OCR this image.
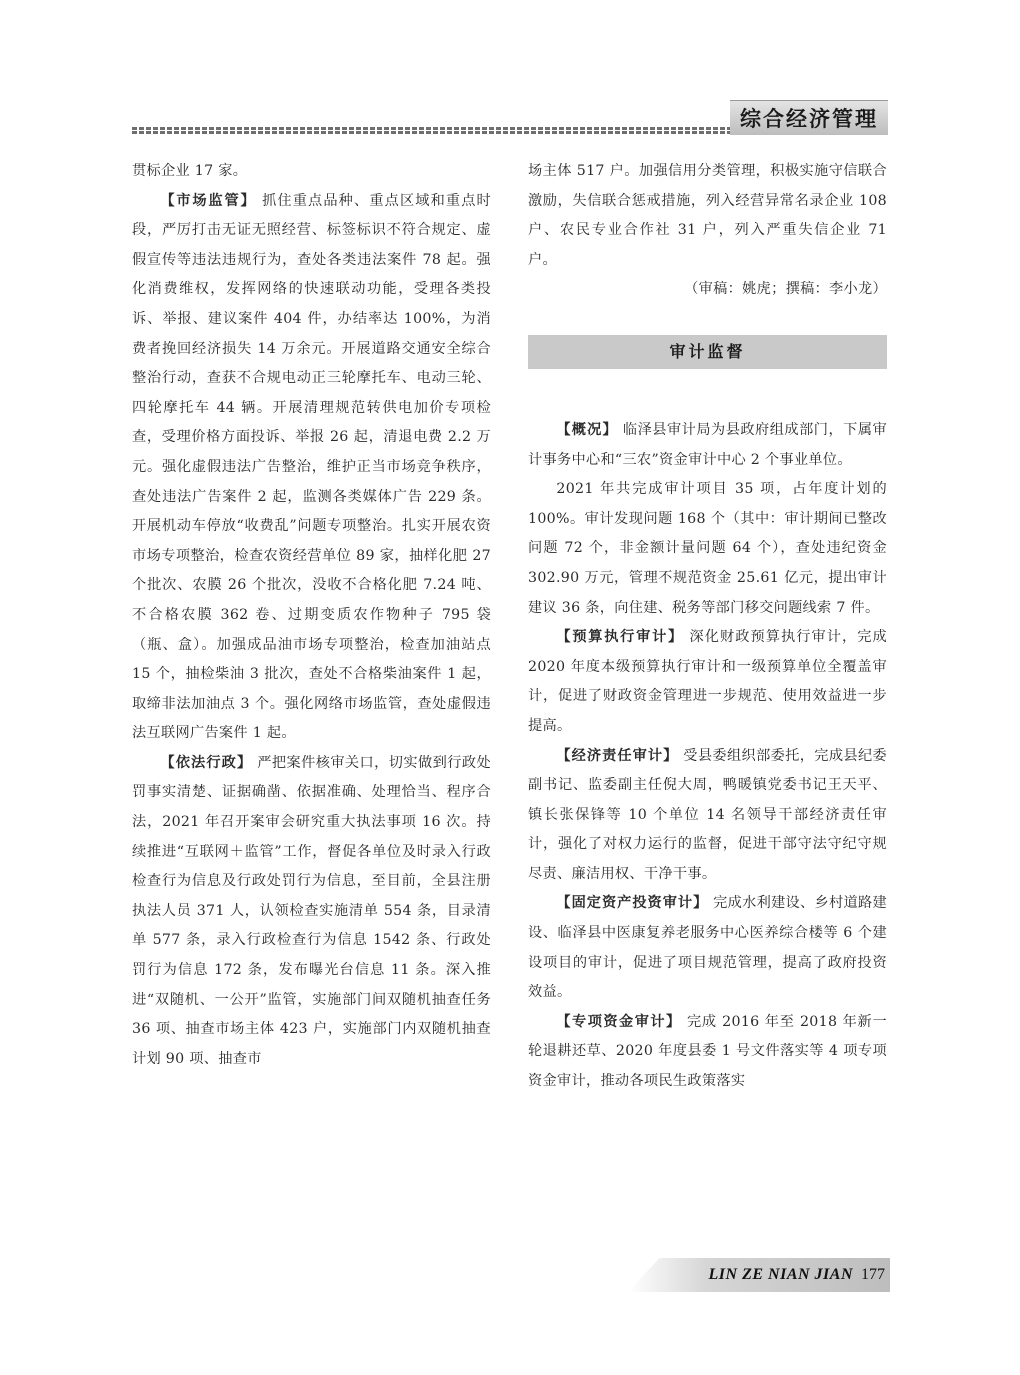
综合经济管理

贯标企业 17 家。

【市场监管】 抓住重点品种、重点区域和重点时段，严厉打击无证无照经营、标签标识不符合规定、虚假宣传等违法违规行为，查处各类违法案件 78 起。强化消费维权，发挥网络的快速联动功能，受理各类投诉、举报、建议案件 404 件，办结率达 100%，为消费者挽回经济损失 14 万余元。开展道路交通安全综合整治行动，查获不合规电动正三轮摩托车、电动三轮、四轮摩托车 44 辆。开展清理规范转供电加价专项检查，受理价格方面投诉、举报 26 起，清退电费 2.2 万元。强化虚假违法广告整治，维护正当市场竞争秩序，查处违法广告案件 2 起，监测各类媒体广告 229 条。开展机动车停放“收费乱”问题专项整治。扎实开展农资市场专项整治，检查农资经营单位 89 家，抽样化肥 27 个批次、农膜 26 个批次，没收不合格化肥 7.24 吨、不合格农膜 362 卷、过期变质农作物种子 795 袋（瓶、盒）。加强成品油市场专项整治，检查加油站点 15 个，抽检柴油 3 批次，查处不合格柴油案件 1 起，取缔非法加油点 3 个。强化网络市场监管，查处虚假违法互联网广告案件 1 起。

【依法行政】 严把案件核审关口，切实做到行政处罚事实清楚、证据确凿、依据准确、处理恰当、程序合法，2021 年召开案审会研究重大执法事项 16 次。持续推进“互联网＋监管”工作，督促各单位及时录入行政检查行为信息及行政处罚行为信息，至目前，全县注册执法人员 371 人，认领检查实施清单 554 条，目录清单 577 条，录入行政检查行为信息 1542 条、行政处罚行为信息 172 条，发布曝光台信息 11 条。深入推进“双随机、一公开”监管，实施部门间双随机抽查任务 36 项、抽查市场主体 423 户，实施部门内双随机抽查计划 90 项、抽查市

场主体 517 户。加强信用分类管理，积极实施守信联合激励，失信联合惩戒措施，列入经营异常名录企业 108 户、农民专业合作社 31 户，列入严重失信企业 71 户。

（审稿：姚虎；撰稿：李小龙）

审计监督

【概况】 临泽县审计局为县政府组成部门，下属审计事务中心和“三农”资金审计中心 2 个事业单位。

2021 年共完成审计项目 35 项，占年度计划的 100%。审计发现问题 168 个（其中：审计期间已整改问题 72 个，非金额计量问题 64 个），查处违纪资金 302.90 万元，管理不规范资金 25.61 亿元，提出审计建议 36 条，向住建、税务等部门移交问题线索 7 件。

【预算执行审计】 深化财政预算执行审计，完成 2020 年度本级预算执行审计和一级预算单位全覆盖审计，促进了财政资金管理进一步规范、使用效益进一步提高。

【经济责任审计】 受县委组织部委托，完成县纪委副书记、监委副主任倪大周，鸭暖镇党委书记王天平、镇长张保锋等 10 个单位 14 名领导干部经济责任审计，强化了对权力运行的监督，促进干部守法守纪守规尽责、廉洁用权、干净干事。

【固定资产投资审计】 完成水利建设、乡村道路建设、临泽县中医康复养老服务中心医养综合楼等 6 个建设项目的审计，促进了项目规范管理，提高了政府投资效益。

【专项资金审计】 完成 2016 年至 2018 年新一轮退耕还草、2020 年度县委 1 号文件落实等 4 项专项资金审计，推动各项民生政策落实

LIN ZE NIAN JIAN 177
